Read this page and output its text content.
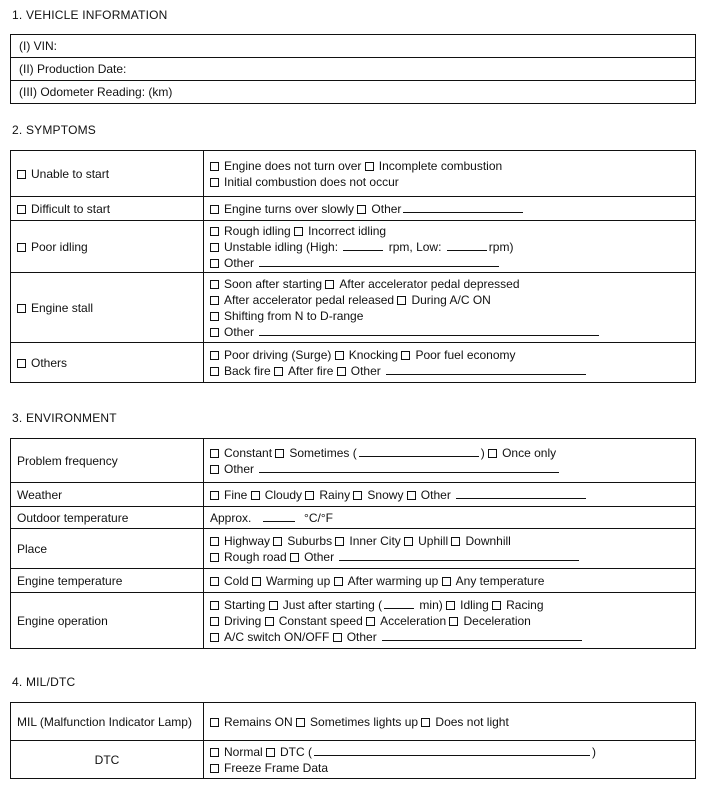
1. VEHICLE INFORMATION
(I) VIN:
(II) Production Date:
(III) Odometer Reading: (km)
2. SYMPTOMS
Unable to start	Engine does not turn over Incomplete combustion
Initial combustion does not occur

Difficult to start	Engine turns over slowly Other
Poor idling	Rough idling Incorrect idling
Unstable idling (High: rpm, Low: rpm)
Other

Engine stall	Soon after starting After accelerator pedal depressed
After accelerator pedal released During A/C ON
Shifting from N to D-range
Other

Others	Poor driving (Surge) Knocking Poor fuel economy
Back fire After fire Other
3. ENVIRONMENT
Problem frequency	Constant Sometimes ( ) Once only
Other

Weather	Fine Cloudy Rainy Snowy Other
Outdoor temperature	Approx. °C/°F
Place	Highway Suburbs Inner City Uphill Downhill
Rough road Other

Engine temperature	Cold Warming up After warming up Any temperature
Engine operation	Starting Just after starting ( min) Idling Racing
Driving Constant speed Acceleration Deceleration
A/C switch ON/OFF Other
4. MIL/DTC
MIL (Malfunction Indicator Lamp)	Remains ON Sometimes lights up Does not light
DTC	Normal DTC ( )
Freeze Frame Data
